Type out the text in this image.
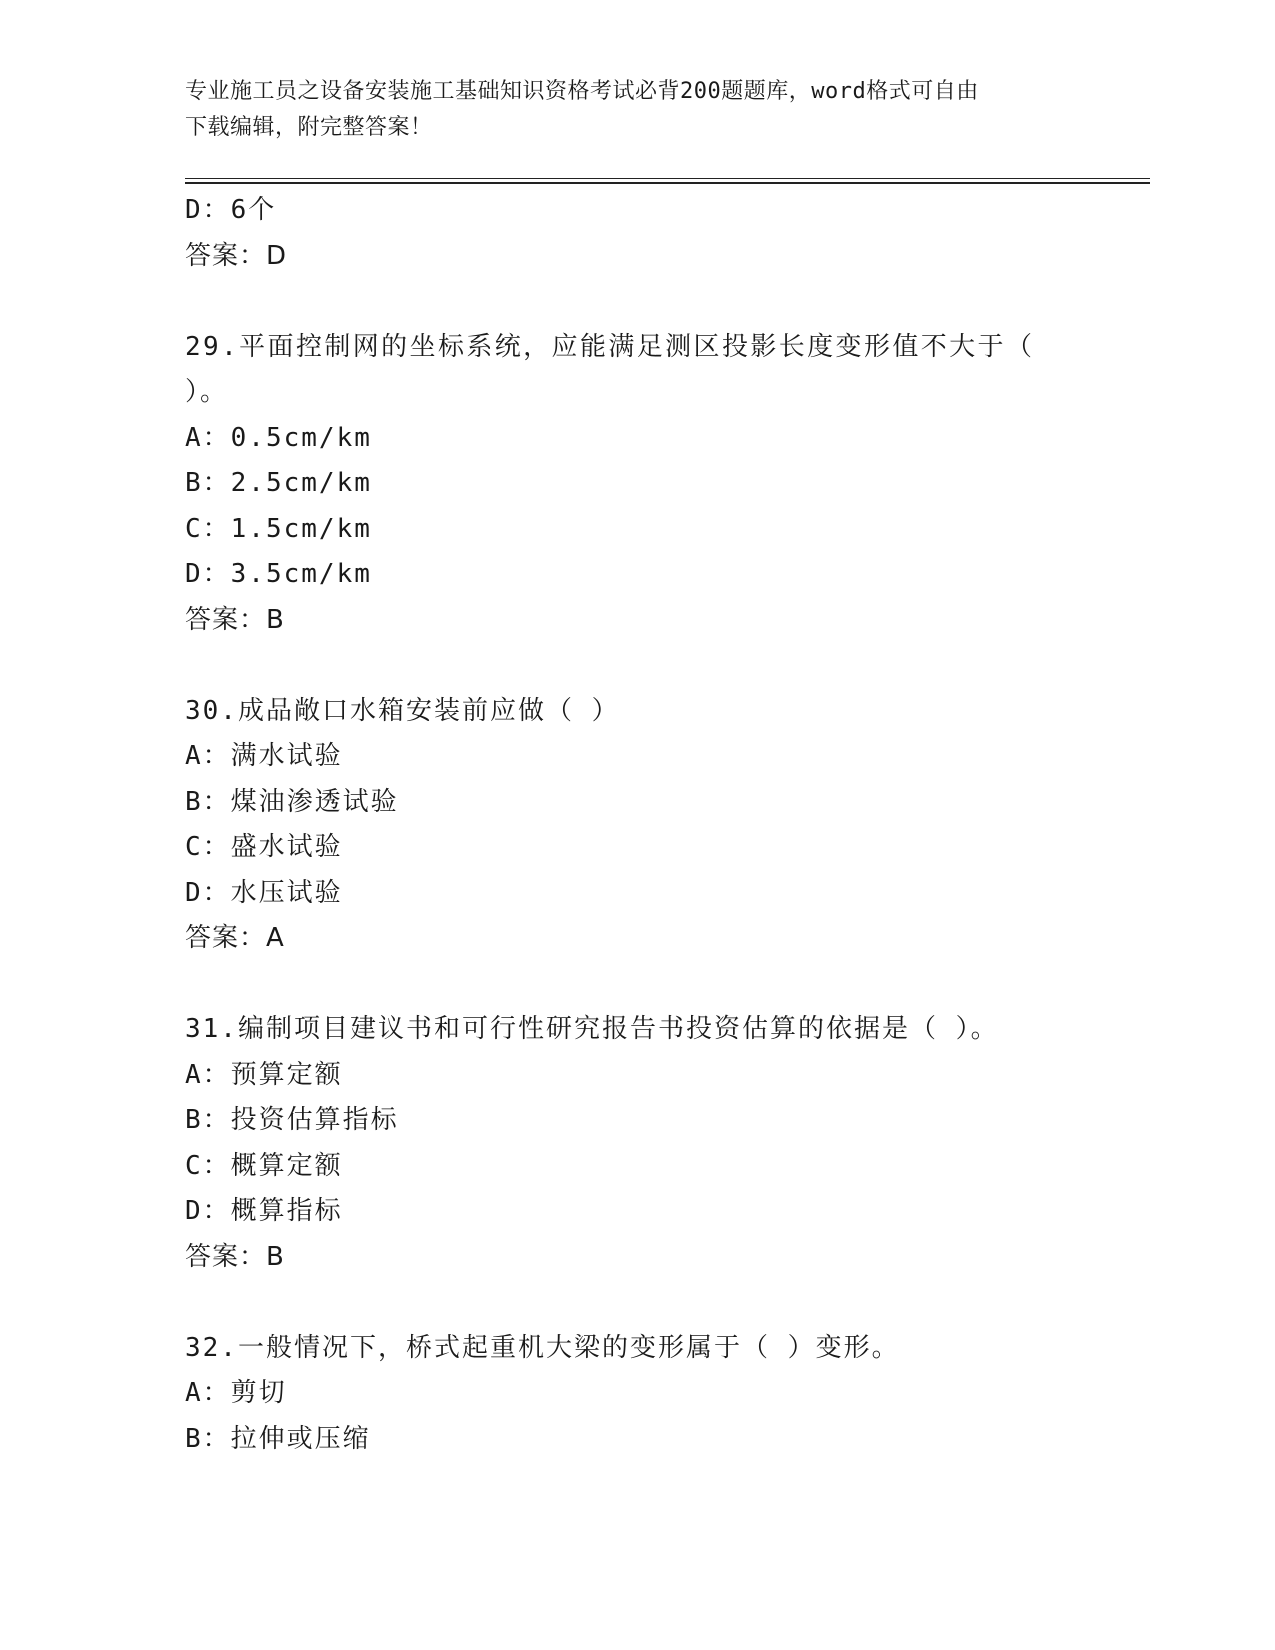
专业施工员之设备安装施工基础知识资格考试必背200题题库，word格式可自由
下载编辑，附完整答案！
D：6个
答案：D
29.平面控制网的坐标系统，应能满足测区投影长度变形值不大于（
）。
A：0.5cm/km
B：2.5cm/km
C：1.5cm/km
D：3.5cm/km
答案：B
30.成品敞口水箱安装前应做（ ）
A：满水试验
B：煤油渗透试验
C：盛水试验
D：水压试验
答案：A
31.编制项目建议书和可行性研究报告书投资估算的依据是（ ）。
A：预算定额
B：投资估算指标
C：概算定额
D：概算指标
答案：B
32.一般情况下，桥式起重机大梁的变形属于（ ）变形。
A：剪切
B：拉伸或压缩
